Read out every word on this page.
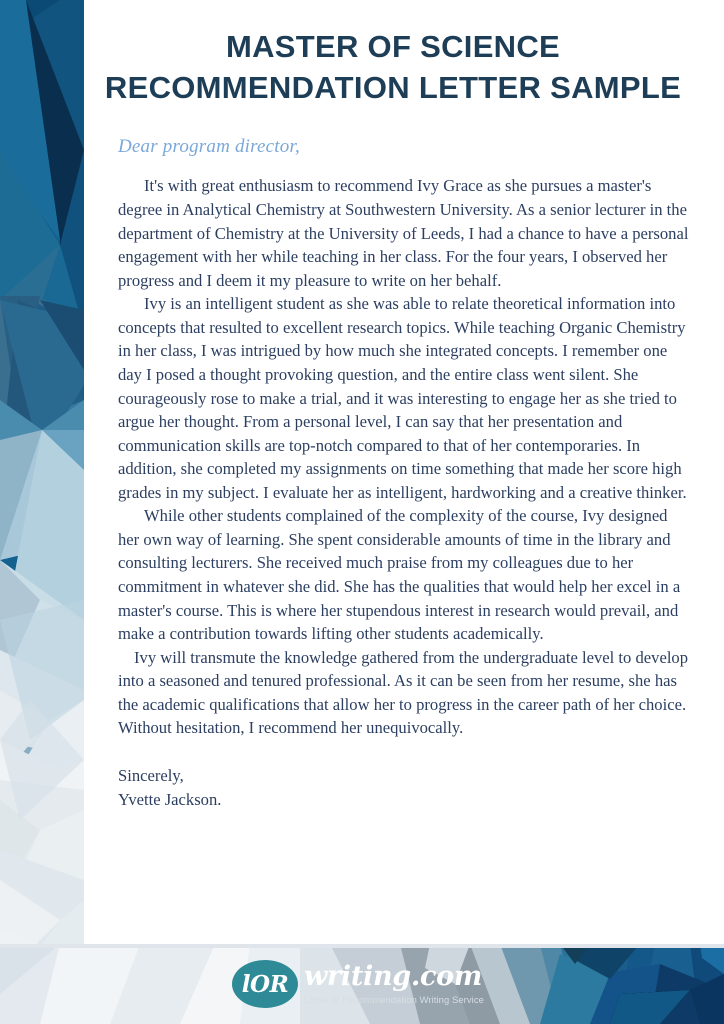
MASTER OF SCIENCE RECOMMENDATION LETTER SAMPLE
Dear program director,

It's with great enthusiasm to recommend Ivy Grace as she pursues a master's degree in Analytical Chemistry at Southwestern University. As a senior lecturer in the department of Chemistry at the University of Leeds, I had a chance to have a personal engagement with her while teaching in her class. For the four years, I observed her progress and I deem it my pleasure to write on her behalf.

Ivy is an intelligent student as she was able to relate theoretical information into concepts that resulted to excellent research topics. While teaching Organic Chemistry in her class, I was intrigued by how much she integrated concepts. I remember one day I posed a thought provoking question, and the entire class went silent. She courageously rose to make a trial, and it was interesting to engage her as she tried to argue her thought. From a personal level, I can say that her presentation and communication skills are top-notch compared to that of her contemporaries. In addition, she completed my assignments on time something that made her score high grades in my subject. I evaluate her as intelligent, hardworking and a creative thinker.

While other students complained of the complexity of the course, Ivy designed her own way of learning. She spent considerable amounts of time in the library and consulting lecturers. She received much praise from my colleagues due to her commitment in whatever she did. She has the qualities that would help her excel in a master's course. This is where her stupendous interest in research would prevail, and make a contribution towards lifting other students academically.

Ivy will transmute the knowledge gathered from the undergraduate level to develop into a seasoned and tenured professional. As it can be seen from her resume, she has the academic qualifications that allow her to progress in the career path of her choice. Without hesitation, I recommend her unequivocally.

Sincerely,

Yvette Jackson.

lOR writing.com
Letter of Recommendation Writing Service
